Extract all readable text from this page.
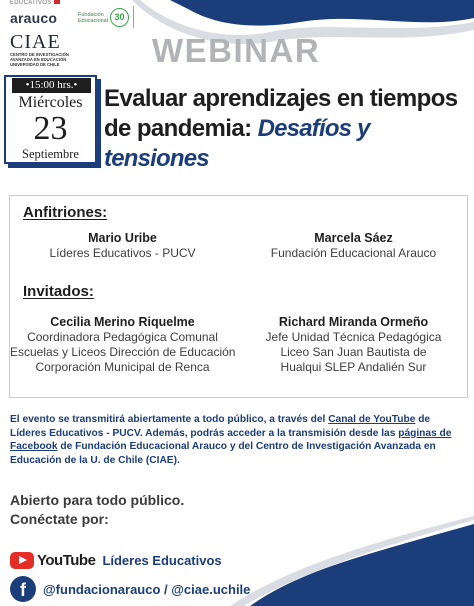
EDUCATIVOS
arauco	Fundación Educacional 30
CIAE
CENTRO DE INVESTIGACIÓN AVANZADA EN EDUCACIÓN UNIVERSIDAD DE CHILE	WEBINAR
•15:00 hrs.•
Miércoles
23
Septiembre
Evaluar aprendizajes en tiempos de pandemia: Desafíos y tensiones
Anfitriones:
Mario Uribe
Líderes Educativos - PUCV
Marcela Sáez
Fundación Educacional Arauco
Invitados:
Cecilia Merino Riquelme
Coordinadora Pedagógica Comunal
Escuelas y Liceos Dirección de Educación
Corporación Municipal de Renca
Richard Miranda Ormeño
Jefe Unidad Técnica Pedagógica
Liceo San Juan Bautista de
Hualqui SLEP Andalién Sur
El evento se transmitirá abiertamente a todo público, a través del Canal de YouTube de Líderes Educativos - PUCV. Además, podrás acceder a la transmisión desde las páginas de Facebook de Fundación Educacional Arauco y del Centro de Investigación Avanzada en Educación de la U. de Chile (CIAE).
Abierto para todo público.
Conéctate por:
YouTube Líderes Educativos
f	@fundacionarauco / @ciae.uchile
